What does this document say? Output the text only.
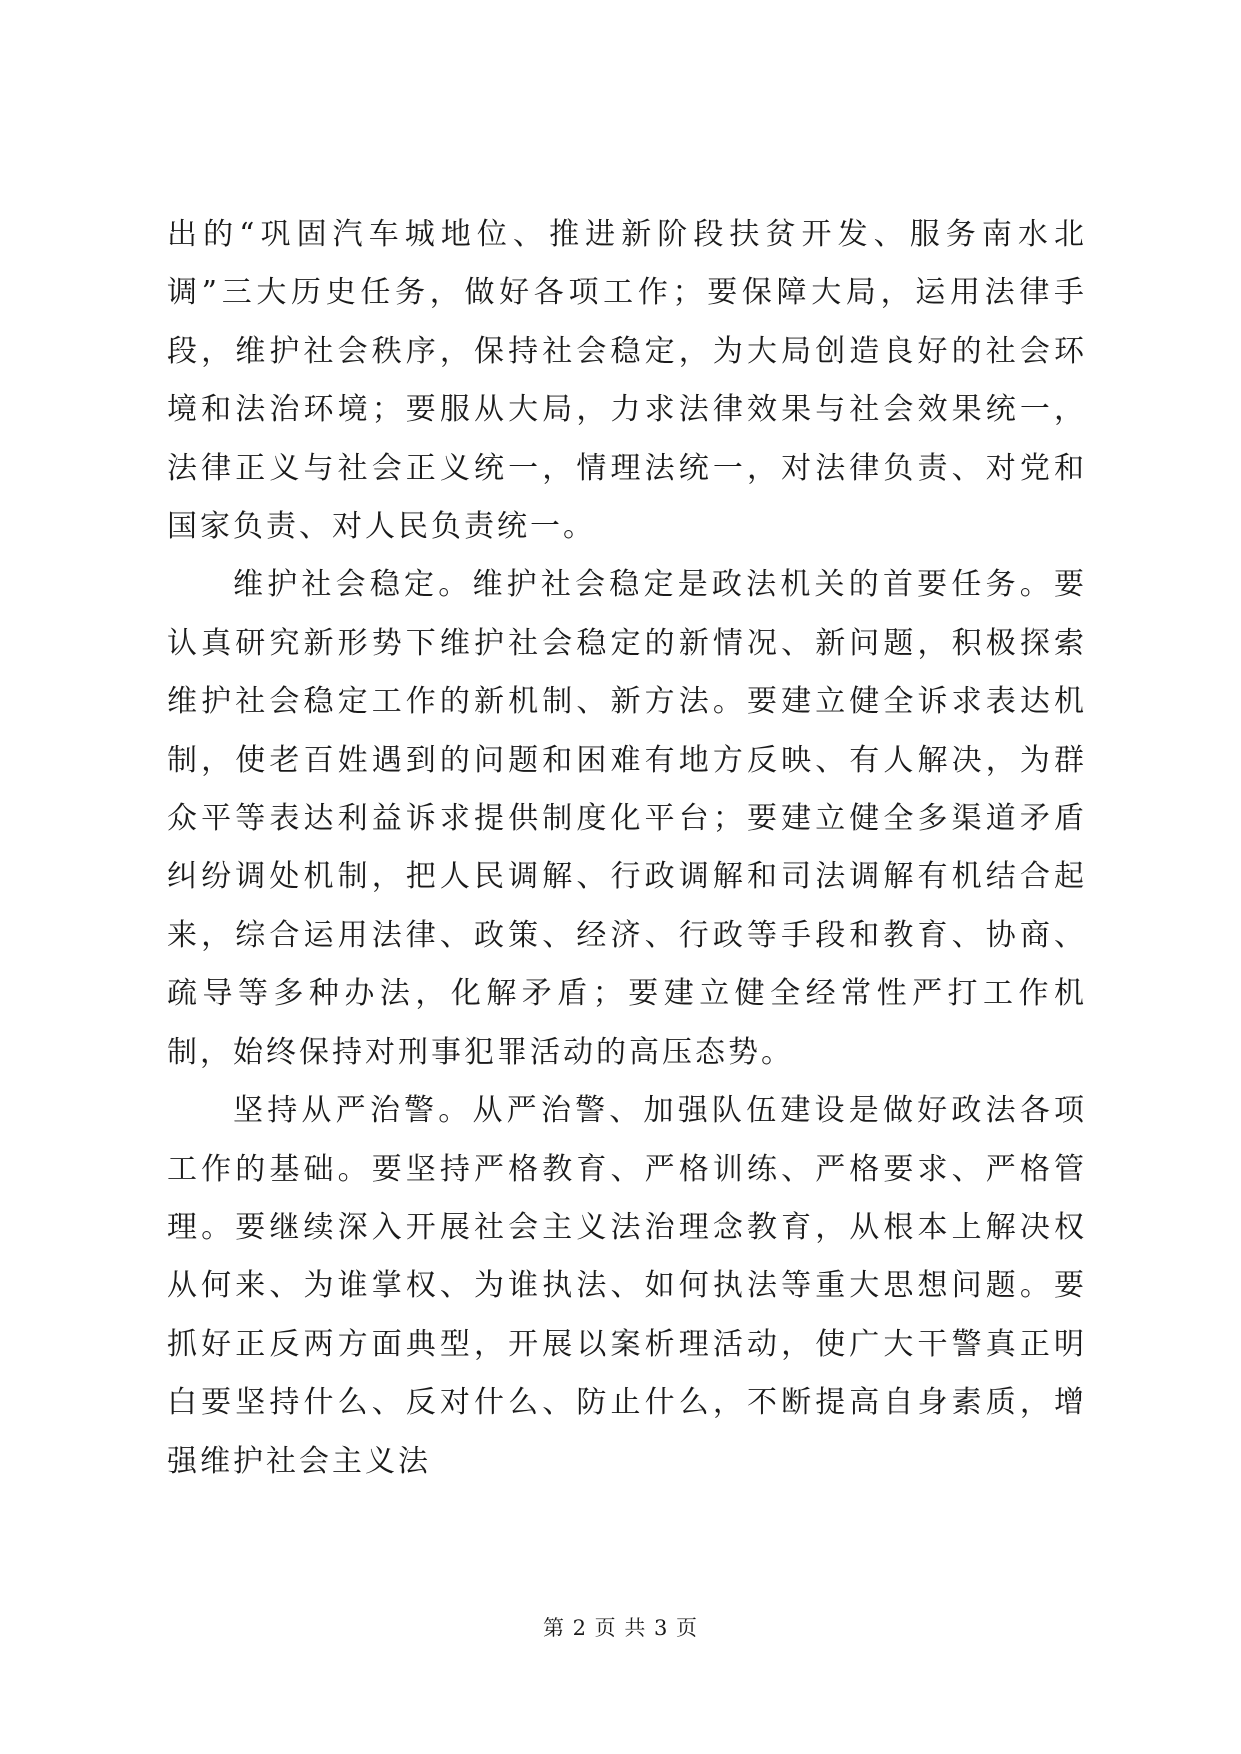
出的“巩固汽车城地位、推进新阶段扶贫开发、服务南水北调”三大历史任务，做好各项工作；要保障大局，运用法律手段，维护社会秩序，保持社会稳定，为大局创造良好的社会环境和法治环境；要服从大局，力求法律效果与社会效果统一，法律正义与社会正义统一，情理法统一，对法律负责、对党和国家负责、对人民负责统一。

维护社会稳定。维护社会稳定是政法机关的首要任务。要认真研究新形势下维护社会稳定的新情况、新问题，积极探索维护社会稳定工作的新机制、新方法。要建立健全诉求表达机制，使老百姓遇到的问题和困难有地方反映、有人解决，为群众平等表达利益诉求提供制度化平台；要建立健全多渠道矛盾纠纷调处机制，把人民调解、行政调解和司法调解有机结合起来，综合运用法律、政策、经济、行政等手段和教育、协商、疏导等多种办法，化解矛盾；要建立健全经常性严打工作机制，始终保持对刑事犯罪活动的高压态势。

坚持从严治警。从严治警、加强队伍建设是做好政法各项工作的基础。要坚持严格教育、严格训练、严格要求、严格管理。要继续深入开展社会主义法治理念教育，从根本上解决权从何来、为谁掌权、为谁执法、如何执法等重大思想问题。要抓好正反两方面典型，开展以案析理活动，使广大干警真正明白要坚持什么、反对什么、防止什么，不断提高自身素质，增强维护社会主义法

第 2 页 共 3 页
